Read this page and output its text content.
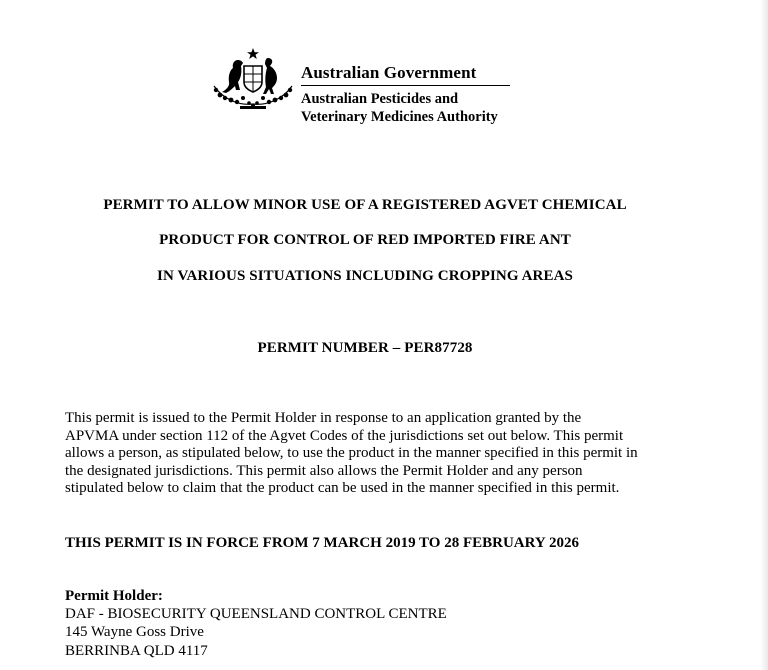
Australian Government
Australian Pesticides and
Veterinary Medicines Authority
PERMIT TO ALLOW MINOR USE OF A REGISTERED AGVET CHEMICAL
PRODUCT FOR CONTROL OF RED IMPORTED FIRE ANT
IN VARIOUS SITUATIONS INCLUDING CROPPING AREAS
PERMIT NUMBER – PER87728
This permit is issued to the Permit Holder in response to an application granted by the
APVMA under section 112 of the Agvet Codes of the jurisdictions set out below. This permit
allows a person, as stipulated below, to use the product in the manner specified in this permit in
the designated jurisdictions. This permit also allows the Permit Holder and any person
stipulated below to claim that the product can be used in the manner specified in this permit.
THIS PERMIT IS IN FORCE FROM 7 MARCH 2019 TO 28 FEBRUARY 2026
Permit Holder:
DAF - BIOSECURITY QUEENSLAND CONTROL CENTRE
145 Wayne Goss Drive
BERRINBA QLD 4117
